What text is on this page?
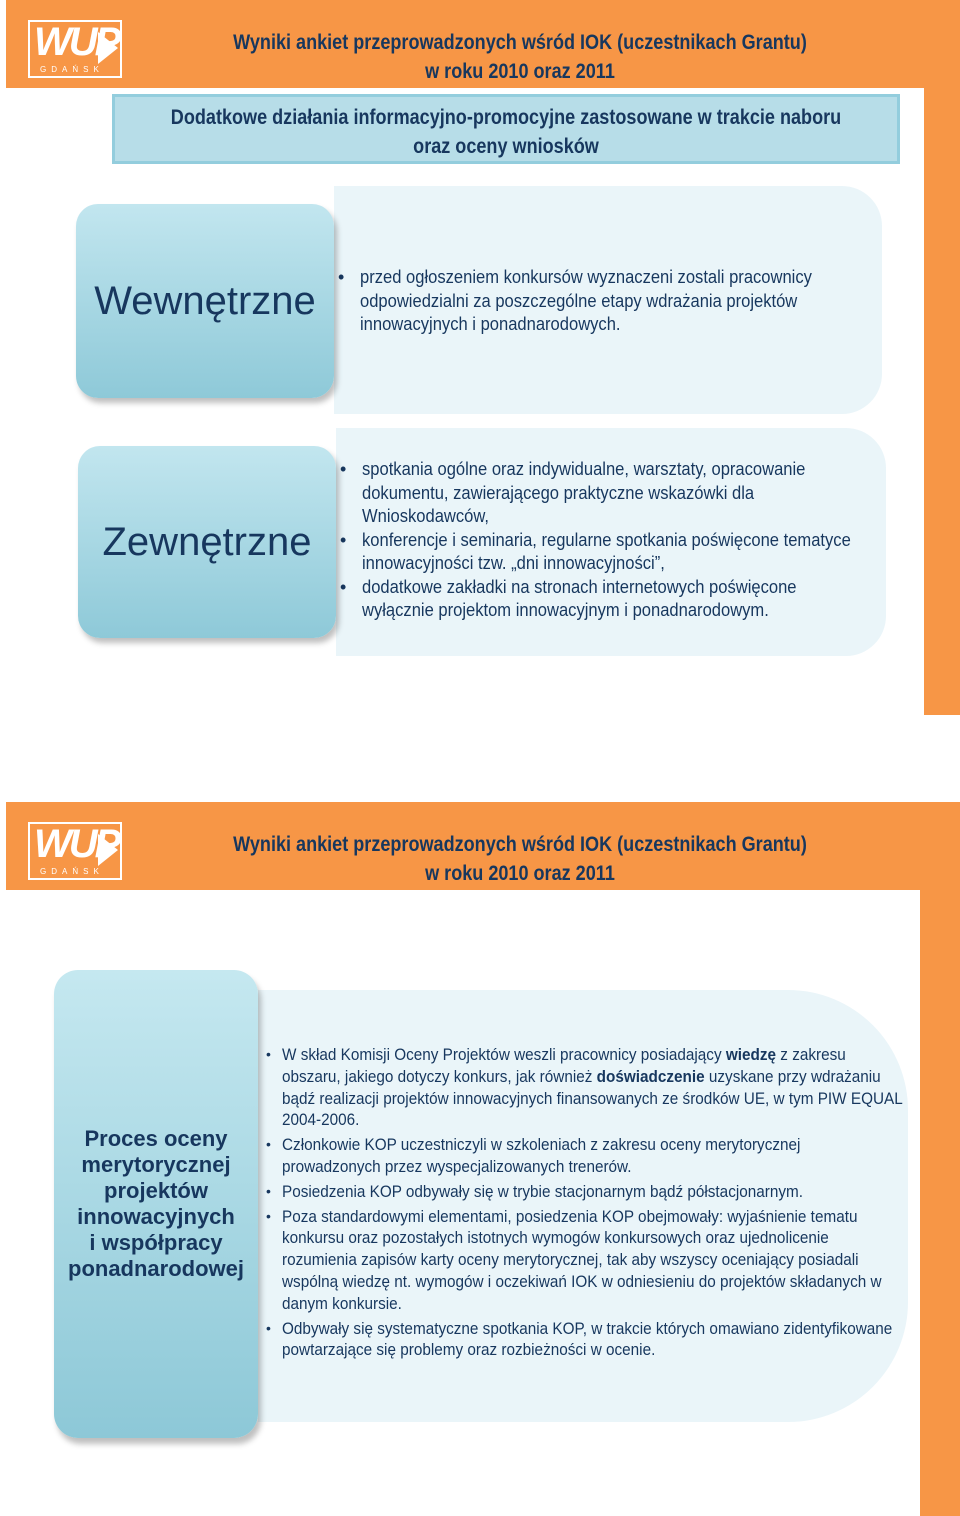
WUP
GDAŃSK
Wyniki ankiet przeprowadzonych wśród IOK (uczestnikach Grantu)
w roku 2010 oraz 2011
Dodatkowe działania informacyjno-promocyjne zastosowane w trakcie naboru
oraz oceny wniosków
• przed ogłoszeniem konkursów wyznaczeni zostali pracownicy odpowiedzialni za poszczególne etapy wdrażania projektów innowacyjnych i ponadnarodowych.
Wewnętrzne
• spotkania ogólne oraz indywidualne, warsztaty, opracowanie dokumentu, zawierającego praktyczne wskazówki dla Wnioskodawców,
• konferencje i seminaria, regularne spotkania poświęcone tematyce innowacyjności tzw. „dni innowacyjności”,
• dodatkowe zakładki na stronach internetowych poświęcone wyłącznie projektom innowacyjnym i ponadnarodowym.
Zewnętrzne
WUP
GDAŃSK
Wyniki ankiet przeprowadzonych wśród IOK (uczestnikach Grantu)
w roku 2010 oraz 2011
• W skład Komisji Oceny Projektów weszli pracownicy posiadający wiedzę z zakresu obszaru, jakiego dotyczy konkurs, jak również doświadczenie uzyskane przy wdrażaniu bądź realizacji projektów innowacyjnych finansowanych ze środków UE, w tym PIW EQUAL 2004-2006.
• Członkowie KOP uczestniczyli w szkoleniach z zakresu oceny merytorycznej prowadzonych przez wyspecjalizowanych trenerów.
• Posiedzenia KOP odbywały się w trybie stacjonarnym bądź półstacjonarnym.
• Poza standardowymi elementami, posiedzenia KOP obejmowały: wyjaśnienie tematu konkursu oraz pozostałych istotnych wymogów konkursowych oraz ujednolicenie rozumienia zapisów karty oceny merytorycznej, tak aby wszyscy oceniający posiadali wspólną wiedzę nt. wymogów i oczekiwań IOK w odniesieniu do projektów składanych w danym konkursie.
• Odbywały się systematyczne spotkania KOP, w trakcie których omawiano zidentyfikowane powtarzające się problemy oraz rozbieżności w ocenie.
Proces oceny
merytorycznej
projektów
innowacyjnych
i współpracy
ponadnarodowej
